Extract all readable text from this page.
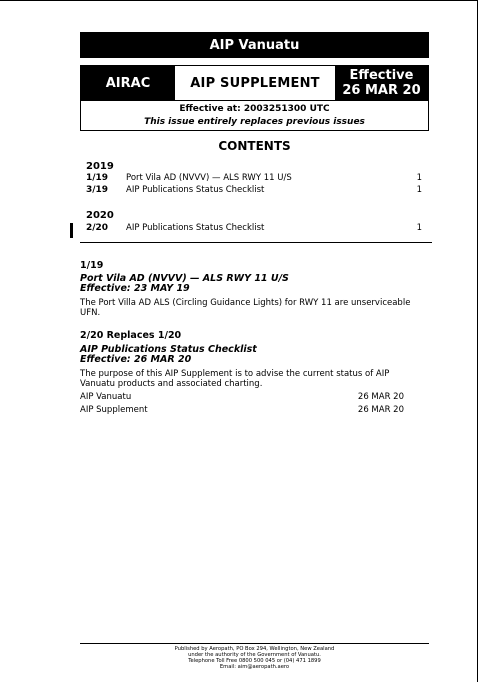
AIP Vanuatu
AIRAC	AIP SUPPLEMENT	Effective
26 MAR 20
Effective at: 2003251300 UTC
This issue entirely replaces previous issues
CONTENTS
2019
1/19 Port Vila AD (NVVV) — ALS RWY 11 U/S	1
3/19 AIP Publications Status Checklist	1
2020
2/20 AIP Publications Status Checklist	1
1/19
Port Vila AD (NVVV) — ALS RWY 11 U/S
Effective: 23 MAY 19
The Port Villa AD ALS (Circling Guidance Lights) for RWY 11 are unserviceable UFN.
2/20 Replaces 1/20
AIP Publications Status Checklist
Effective: 26 MAR 20
The purpose of this AIP Supplement is to advise the current status of AIP Vanuatu products and associated charting.
AIP Vanuatu	26 MAR 20
AIP Supplement	26 MAR 20
Published by Aeropath, PO Box 294, Wellington, New Zealand
under the authority of the Government of Vanuatu.
Telephone Toll Free 0800 500 045 or (04) 471 1899
Email: aim@aeropath.aero
